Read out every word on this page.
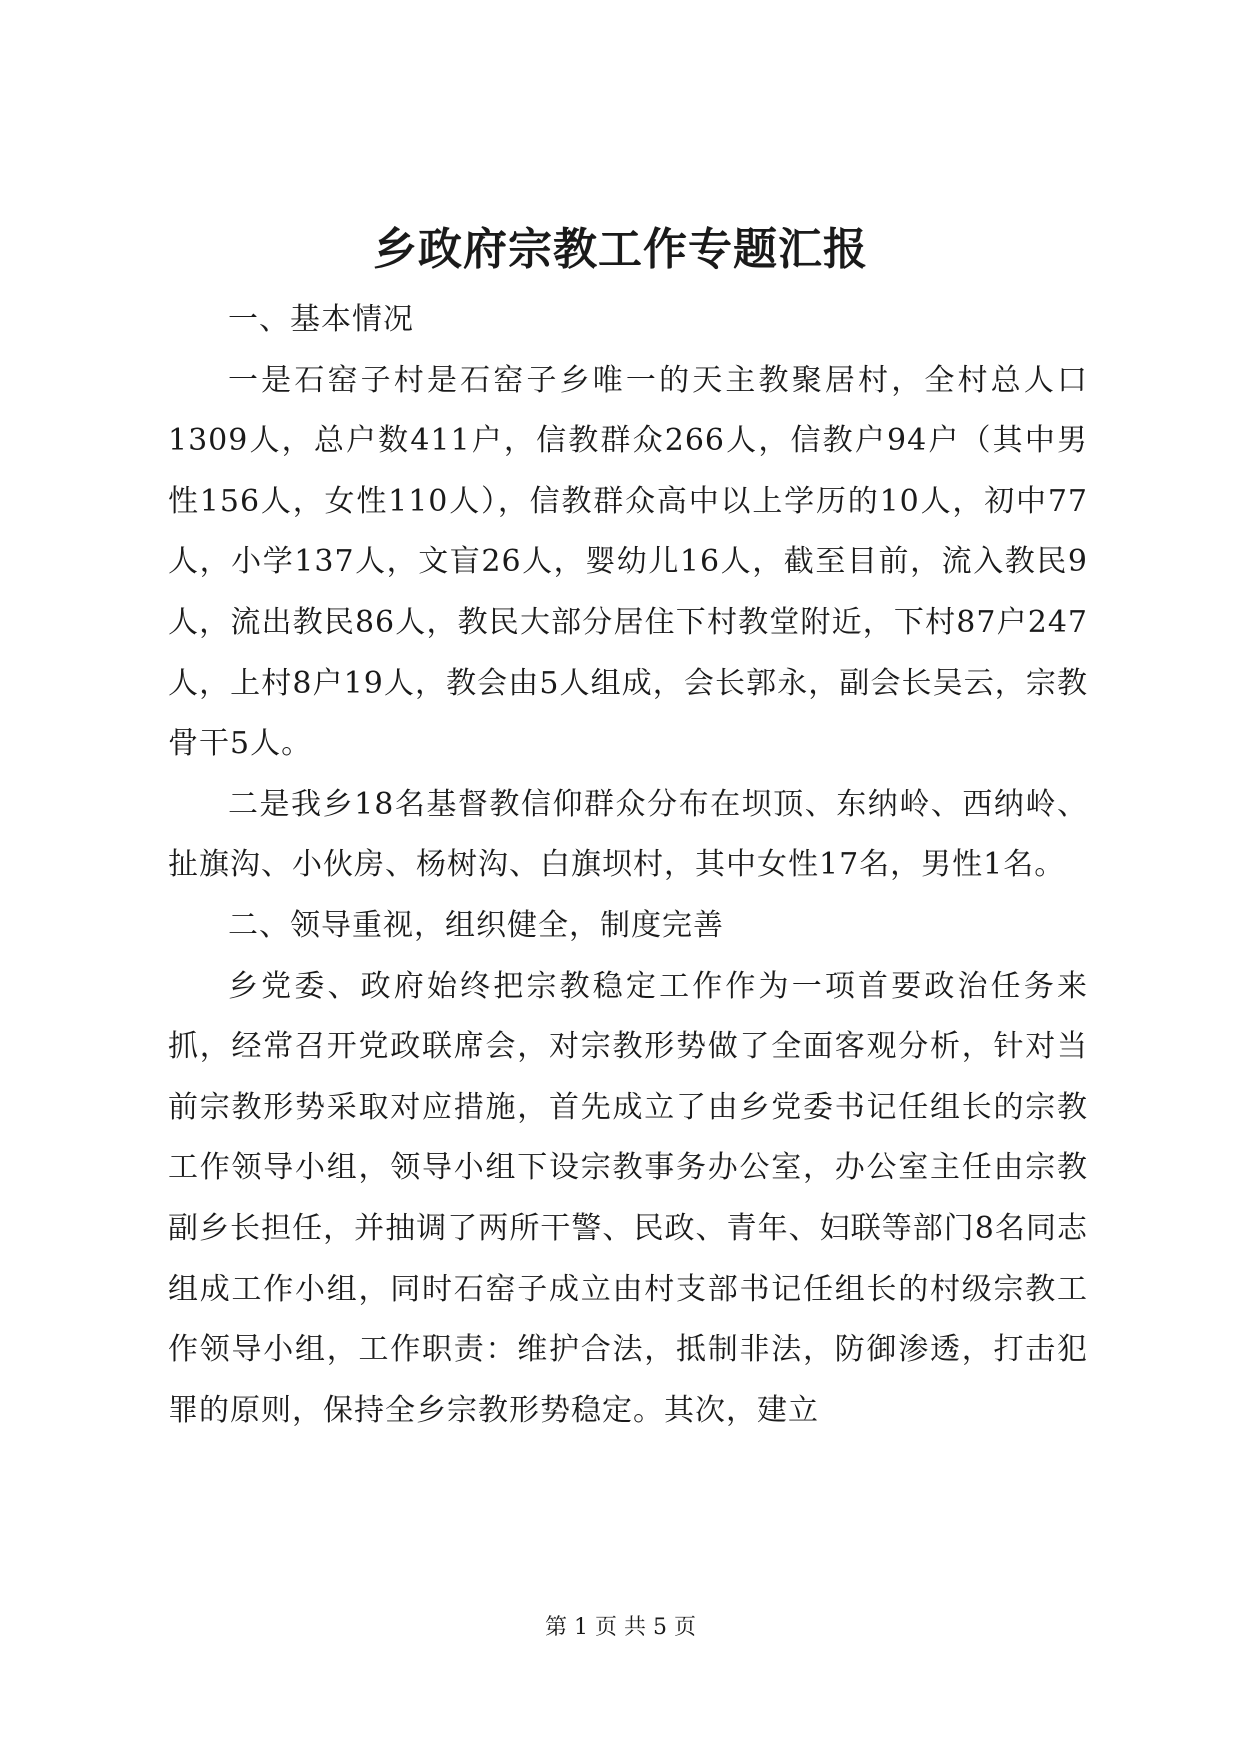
乡政府宗教工作专题汇报

一、基本情况

一是石窑子村是石窑子乡唯一的天主教聚居村，全村总人口1309人，总户数411户，信教群众266人，信教户94户（其中男性156人，女性110人），信教群众高中以上学历的10人，初中77人，小学137人，文盲26人，婴幼儿16人，截至目前，流入教民9人，流出教民86人，教民大部分居住下村教堂附近，下村87户247人，上村8户19人，教会由5人组成，会长郭永，副会长吴云，宗教骨干5人。

二是我乡18名基督教信仰群众分布在坝顶、东纳岭、西纳岭、扯旗沟、小伙房、杨树沟、白旗坝村，其中女性17名，男性1名。

二、领导重视，组织健全，制度完善

乡党委、政府始终把宗教稳定工作作为一项首要政治任务来抓，经常召开党政联席会，对宗教形势做了全面客观分析，针对当前宗教形势采取对应措施，首先成立了由乡党委书记任组长的宗教工作领导小组，领导小组下设宗教事务办公室，办公室主任由宗教副乡长担任，并抽调了两所干警、民政、青年、妇联等部门8名同志组成工作小组，同时石窑子成立由村支部书记任组长的村级宗教工作领导小组，工作职责：维护合法，抵制非法，防御渗透，打击犯罪的原则，保持全乡宗教形势稳定。其次，建立

第 1 页 共 5 页
